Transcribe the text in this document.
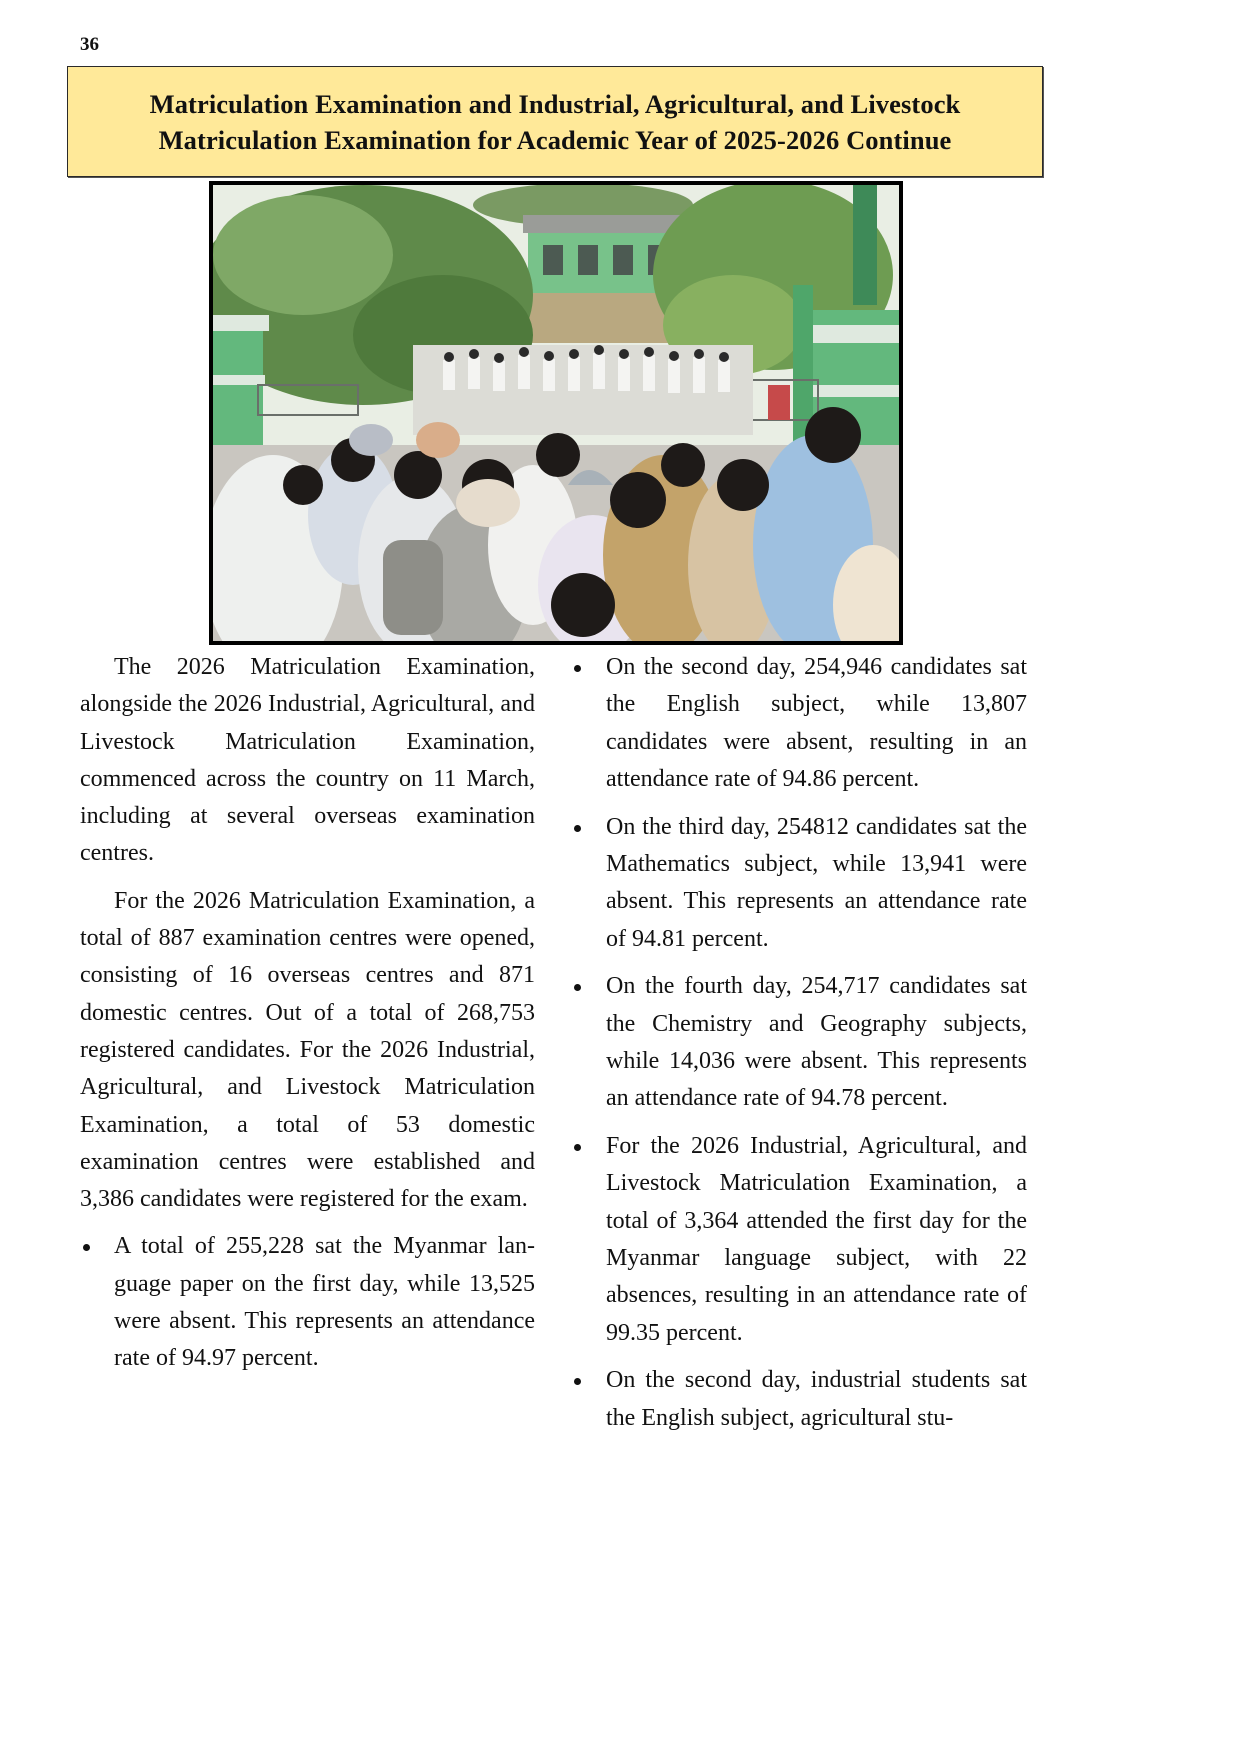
36
Matriculation Examination and Industrial, Agricultural, and Livestock
Matriculation Examination for Academic Year of 2025-2026 Continue

The 2026 Matriculation Examination, alongside the 2026 Industrial, Agricultural, and Livestock Matriculation Examination, commenced across the country on 11 March, including at several overseas examination centres.

For the 2026 Matriculation Examination, a total of 887 examination centres were opened, consisting of 16 overseas centres and 871 domestic centres. Out of a total of 268,753 registered candidates. For the 2026 Industrial, Agricultural, and Livestock Matriculation Examination, a total of 53 domestic examination centres were established and 3,386 candidates were registered for the exam.

A total of 255,228 sat the Myanmar language paper on the first day, while 13,525 were absent. This represents an attendance rate of 94.97 percent.
On the second day, 254,946 candidates sat the English subject, while 13,807 candidates were absent, resulting in an attendance rate of 94.86 percent.
On the third day, 254812 candidates sat the Mathematics subject, while 13,941 were absent. This represents an attendance rate of 94.81 percent.
On the fourth day, 254,717 candidates sat the Chemistry and Geography subjects, while 14,036 were absent. This represents an attendance rate of 94.78 percent.
For the 2026 Industrial, Agricultural, and Livestock Matriculation Examination, a total of 3,364 attended the first day for the Myanmar language subject, with 22 absences, resulting in an attendance rate of 99.35 percent.
On the second day, industrial students sat the English subject, agricultural stu-
